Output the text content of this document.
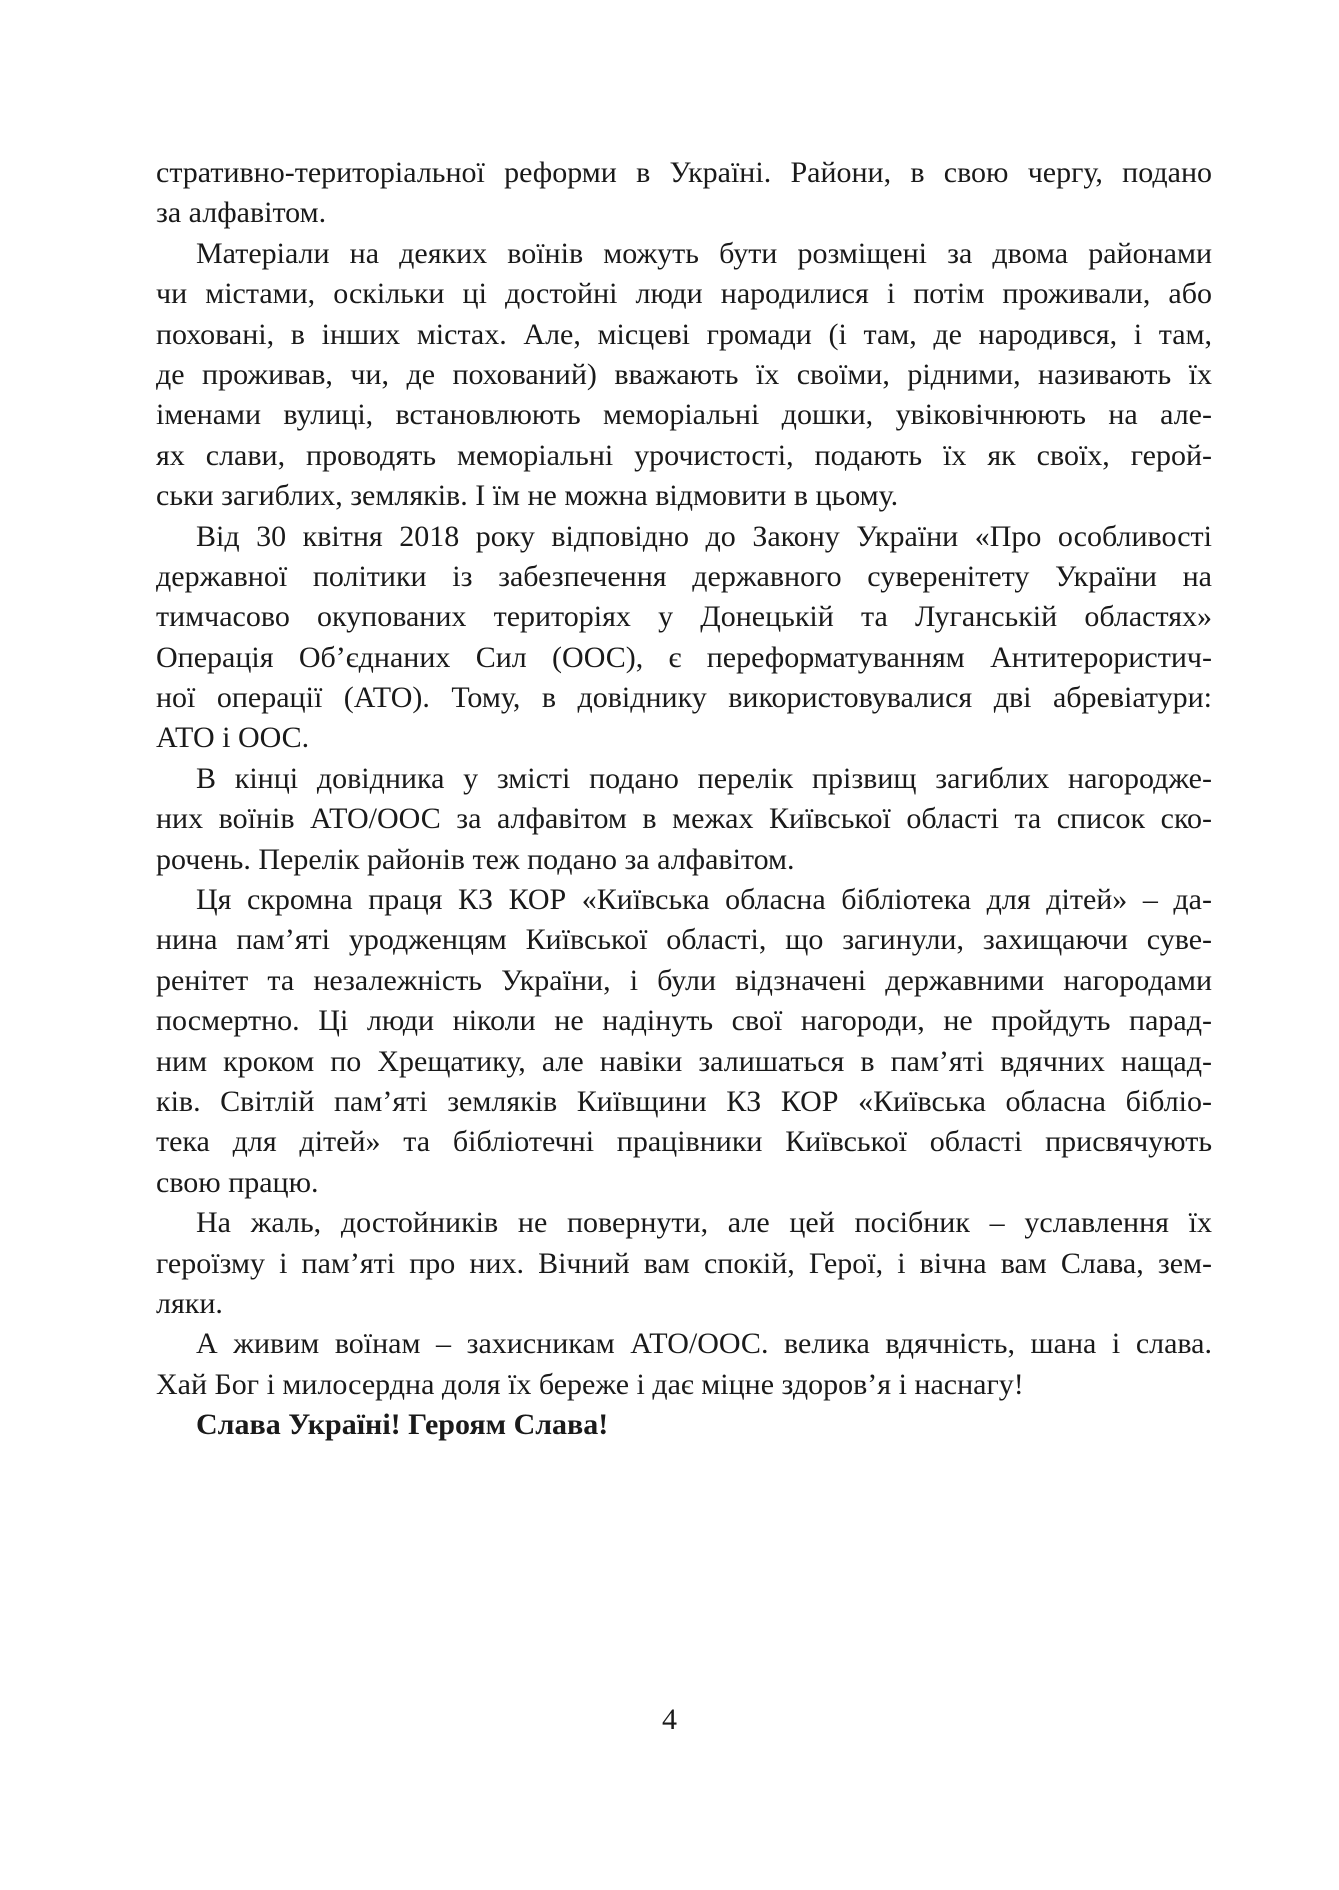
стративно-територіальної реформи в Україні. Райони, в свою чергу, подано
за алфавітом.
Матеріали на деяких воїнів можуть бути розміщені за двома районами
чи містами, оскільки ці достойні люди народилися і потім проживали, або
поховані, в інших містах. Але, місцеві громади (і там, де народився, і там,
де проживав, чи, де похований) вважають їх своїми, рідними, називають їх
іменами вулиці, встановлюють меморіальні дошки, увіковічнюють на але-
ях слави, проводять меморіальні урочистості, подають їх як своїх, герой-
ськи загиблих, земляків. І їм не можна відмовити в цьому.
Від 30 квітня 2018 року відповідно до Закону України «Про особливості
державної політики із забезпечення державного суверенітету України на
тимчасово окупованих територіях у Донецькій та Луганській областях»
Операція Об’єднаних Сил (ООС), є переформатуванням Антитерористич-
ної операції (АТО). Тому, в довіднику використовувалися дві абревіатури:
АТО і ООС.
В кінці довідника у змісті подано перелік прізвищ загиблих нагородже-
них воїнів АТО/ООС за алфавітом в межах Київської області та список ско-
рочень. Перелік районів теж подано за алфавітом.
Ця скромна праця КЗ КОР «Київська обласна бібліотека для дітей» – да-
нина пам’яті уродженцям Київської області, що загинули, захищаючи суве-
ренітет та незалежність України, і були відзначені державними нагородами
посмертно. Ці люди ніколи не надінуть свої нагороди, не пройдуть парад-
ним кроком по Хрещатику, але навіки залишаться в пам’яті вдячних нащад-
ків. Світлій пам’яті земляків Київщини КЗ КОР «Київська обласна бібліо-
тека для дітей» та бібліотечні працівники Київської області присвячують
свою працю.
На жаль, достойників не повернути, але цей посібник – уславлення їх
героїзму і пам’яті про них. Вічний вам спокій, Герої, і вічна вам Слава, зем-
ляки.
А живим воїнам – захисникам АТО/ООС. велика вдячність, шана і слава.
Хай Бог і милосердна доля їх береже і дає міцне здоров’я і наснагу!
Слава Україні! Героям Слава!
4
